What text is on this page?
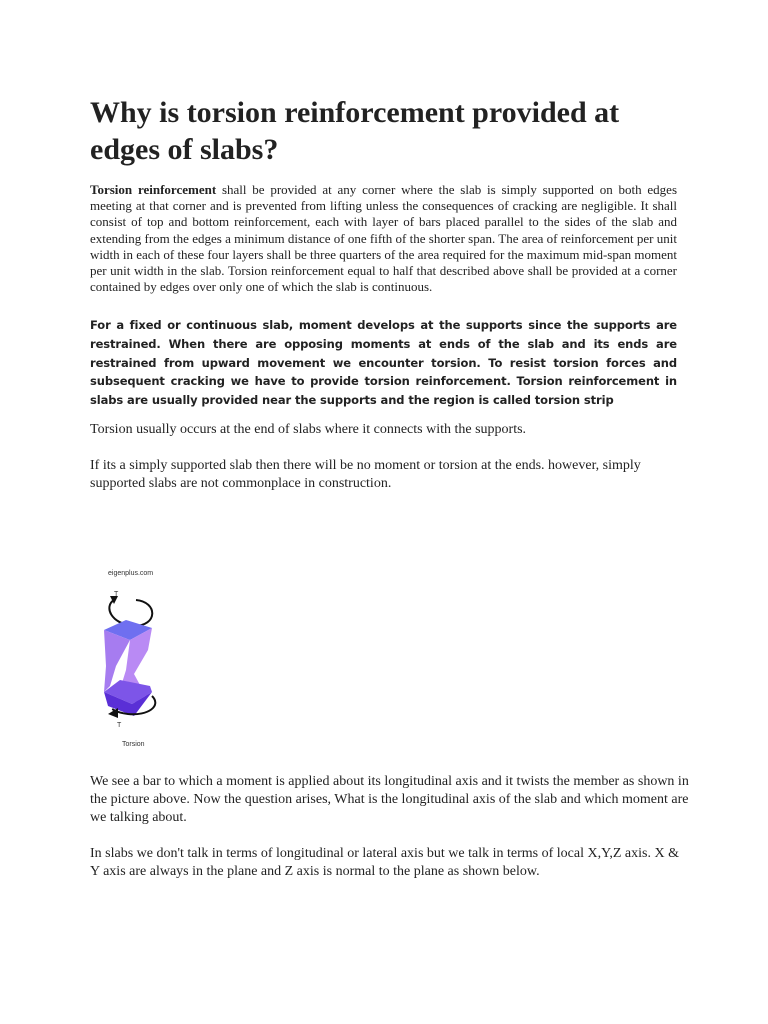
Why is torsion reinforcement provided at edges of slabs?

Torsion reinforcement shall be provided at any corner where the slab is simply supported on both edges meeting at that corner and is prevented from lifting unless the consequences of cracking are negligible. It shall consist of top and bottom reinforcement, each with layer of bars placed parallel to the sides of the slab and extending from the edges a minimum distance of one fifth of the shorter span. The area of reinforcement per unit width in each of these four layers shall be three quarters of the area required for the maximum mid-span moment per unit width in the slab. Torsion reinforcement equal to half that described above shall be provided at a corner contained by edges over only one of which the slab is continuous.

For a fixed or continuous slab, moment develops at the supports since the supports are restrained. When there are opposing moments at ends of the slab and its ends are restrained from upward movement we encounter torsion. To resist torsion forces and subsequent cracking we have to provide torsion reinforcement. Torsion reinforcement in slabs are usually provided near the supports and the region is called torsion strip

Torsion usually occurs at the end of slabs where it connects with the supports.

If its a simply supported slab then there will be no moment or torsion at the ends. however, simply supported slabs are not commonplace in construction.

T
T

eigenplus.com

Torsion

We see a bar to which a moment is applied about its longitudinal axis and it twists the member as shown in the picture above. Now the question arises, What is the longitudinal axis of the slab and which moment are we talking about.

In slabs we don't talk in terms of longitudinal or lateral axis but we talk in terms of local X,Y,Z axis. X & Y axis are always in the plane and Z axis is normal to the plane as shown below.
